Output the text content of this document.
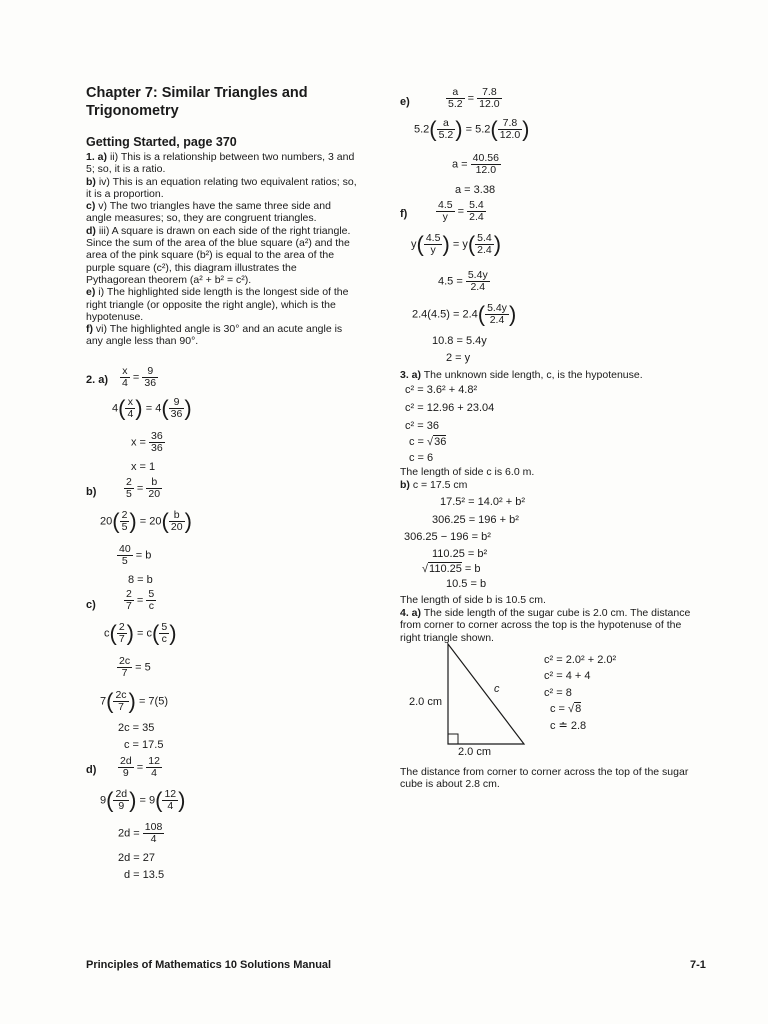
Chapter 7: Similar Triangles and Trigonometry
Getting Started, page 370

1. a) ii) This is a relationship between two numbers, 3 and 5; so, it is a ratio.

b) iv) This is an equation relating two equivalent ratios; so, it is a proportion.

c) v) The two triangles have the same three side and angle measures; so, they are congruent triangles.

d) iii) A square is drawn on each side of the right triangle. Since the sum of the area of the blue square (a²) and the area of the pink square (b²) is equal to the area of the purple square (c²), this diagram illustrates the Pythagorean theorem (a² + b² = c²).

e) i) The highlighted side length is the longest side of the right triangle (or opposite the right angle), which is the hypotenuse.

f) vi) The highlighted angle is 30° and an acute angle is any angle less than 90°.

2. $a) \frac{x}{4} = \frac{9}{36}$
$4( \frac{x}{4}$ ) = $4( \frac{9}{36}$ )
$x = \frac{36}{36}$
x = 1
b)	$\frac{2}{5} = \frac{b}{20}$
$20( \frac{2}{5}$ ) = $20( \frac{b}{20}$ )
$\frac{40}{5} = b$
8 = b
c)	$\frac{2}{7} = \frac{5}{c}$
$c( \frac{2}{7}$ ) = $c( \frac{5}{c}$ )
$\frac{2c}{7} = 5$
$7( \frac{2c}{7}$ ) = 7(5)
2c = 35
c = 17.5
$d) \frac{2d}{9} = \frac{12}{4}$
$9( \frac{2d}{9}$ ) = $9( \frac{12}{4}$ )
$2d = \frac{108}{4}$
2d = 27
d = 13.5
e)	$\frac{a}{5.2} = \frac{7.8}{12.0}$
$5.2( \frac{a}{5.2}$ ) = $5.2( \frac{7.8}{12.0}$ )
$a = \frac{40.56}{12.0}$
a = 3.38
f)	$\frac{4.5}{y} = \frac{5.4}{2.4}$
$y( \frac{4.5}{y}$ ) = $y( \frac{5.4}{2.4}$ )
$4.5 = \frac{5.4y}{2.4}$
$2.4(4.5) = 2.4( \frac{5.4y}{2.4}$ )
10.8 = 5.4y
2 = y
3. a) The unknown side length, c, is the hypotenuse.
c² = 3.6² + 4.8²
c² = 12.96 + 23.04
c² = 36
c = √36
c = 6
The length of side c is 6.0 m.
b) c = 17.5 cm
17.5² = 14.0² + b²
306.25 = 196 + b²
306.25 − 196 = b²
110.25 = b²
√110.25 = b
10.5 = b
The length of side b is 10.5 cm.
4. a) The side length of the sugar cube is 2.0 cm. The distance from corner to corner across the top is the hypotenuse of the right triangle shown.
c² = 2.0² + 2.0²
c² = 4 + 4
c² = 8
c = √8
c ≐ 2.8
2.0 cm
2.0 cm
c
The distance from corner to corner across the top of the sugar cube is about 2.8 cm.
Principles of Mathematics 10 Solutions Manual	7-1
